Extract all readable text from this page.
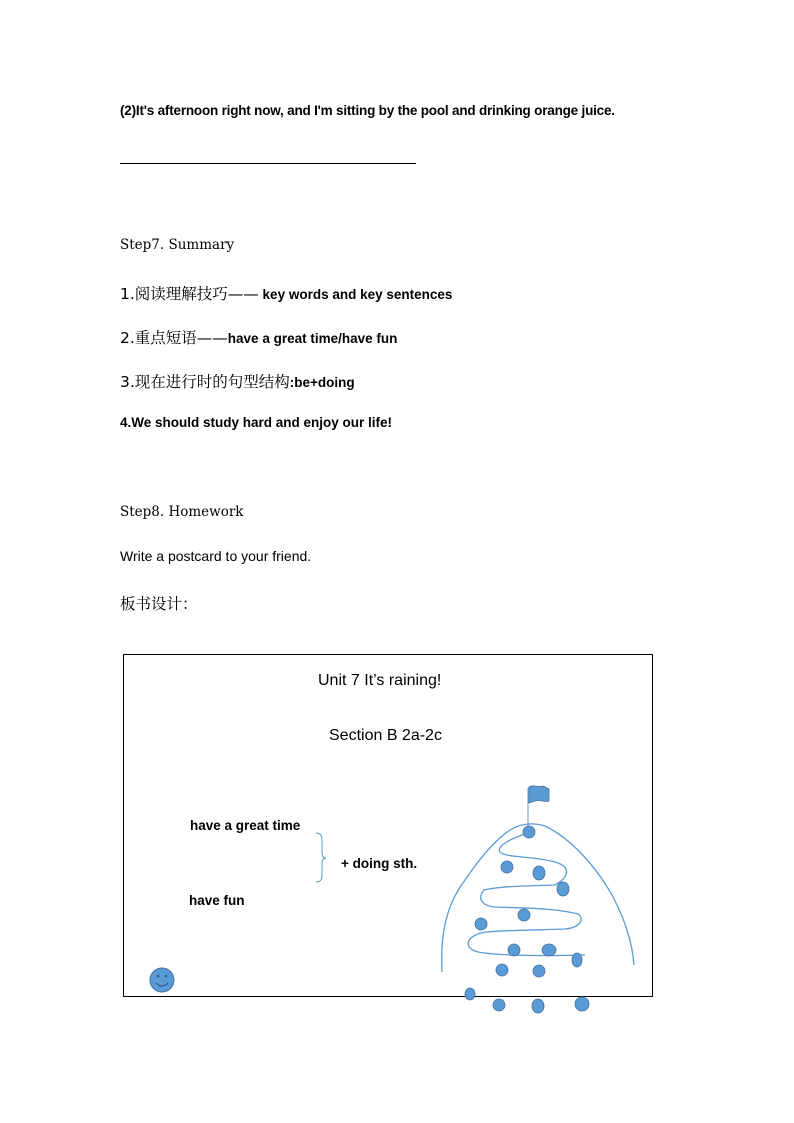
(2)It's afternoon right now, and I'm sitting by the pool and drinking orange juice.
Step7. Summary
1.阅读理解技巧—— key words and key sentences
2.重点短语——have a great time/have fun
3.现在进行时的句型结构:be+doing
4.We should study hard and enjoy our life!
Step8. Homework
Write a postcard to your friend.
板书设计：
Unit 7 It’s raining!
Section B 2a-2c
have a great time
+ doing sth.
have fun
